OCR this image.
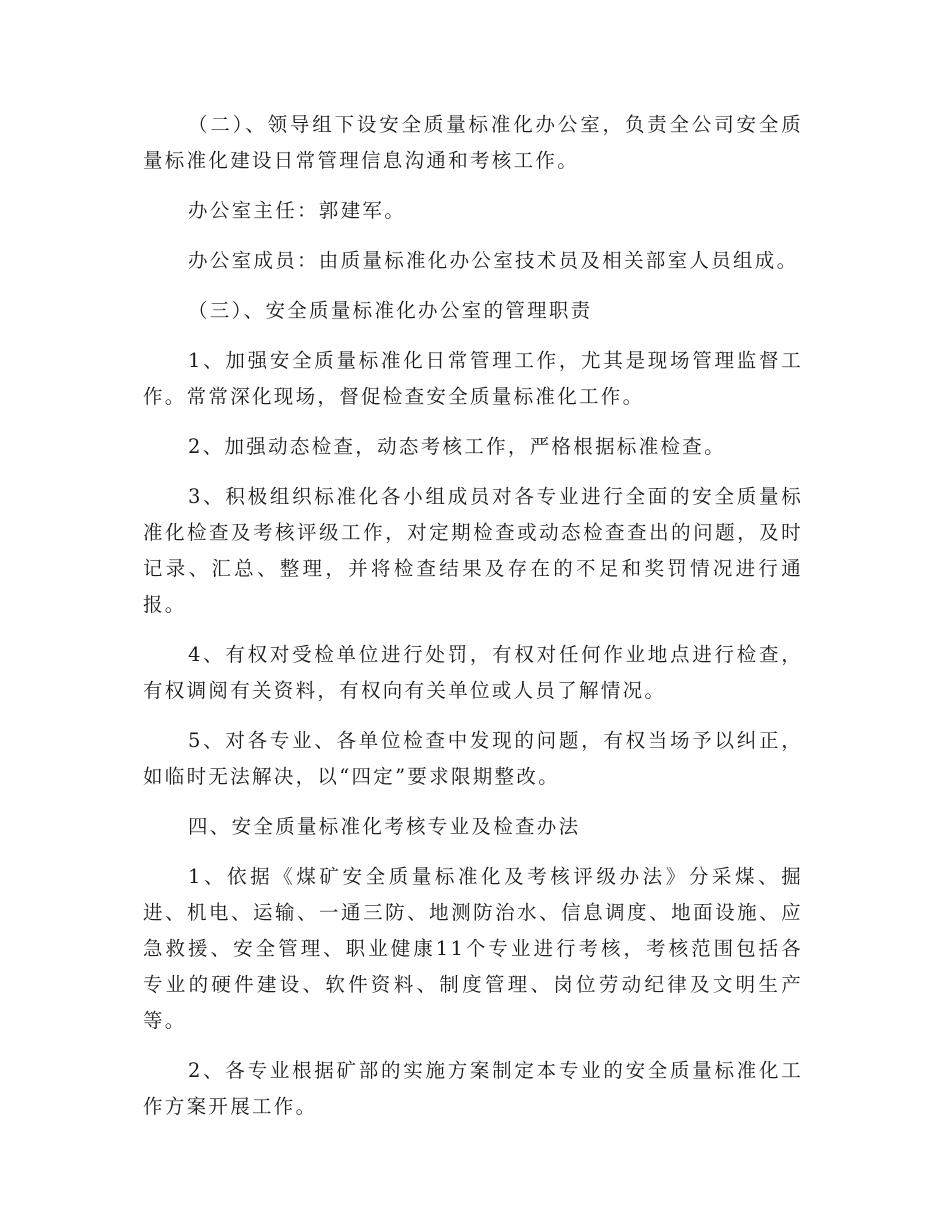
（二）、领导组下设安全质量标准化办公室，负责全公司安全质量标准化建设日常管理信息沟通和考核工作。

办公室主任：郭建军。

办公室成员：由质量标准化办公室技术员及相关部室人员组成。

（三）、安全质量标准化办公室的管理职责

1、加强安全质量标准化日常管理工作，尤其是现场管理监督工作。常常深化现场，督促检查安全质量标准化工作。

2、加强动态检查，动态考核工作，严格根据标准检查。

3、积极组织标准化各小组成员对各专业进行全面的安全质量标准化检查及考核评级工作，对定期检查或动态检查查出的问题，及时记录、汇总、整理，并将检查结果及存在的不足和奖罚情况进行通报。

4、有权对受检单位进行处罚，有权对任何作业地点进行检查，有权调阅有关资料，有权向有关单位或人员了解情况。

5、对各专业、各单位检查中发现的问题，有权当场予以纠正，如临时无法解决，以“四定”要求限期整改。

四、安全质量标准化考核专业及检查办法

1、依据《煤矿安全质量标准化及考核评级办法》分采煤、掘进、机电、运输、一通三防、地测防治水、信息调度、地面设施、应急救援、安全管理、职业健康11个专业进行考核，考核范围包括各专业的硬件建设、软件资料、制度管理、岗位劳动纪律及文明生产等。

2、各专业根据矿部的实施方案制定本专业的安全质量标准化工作方案开展工作。
